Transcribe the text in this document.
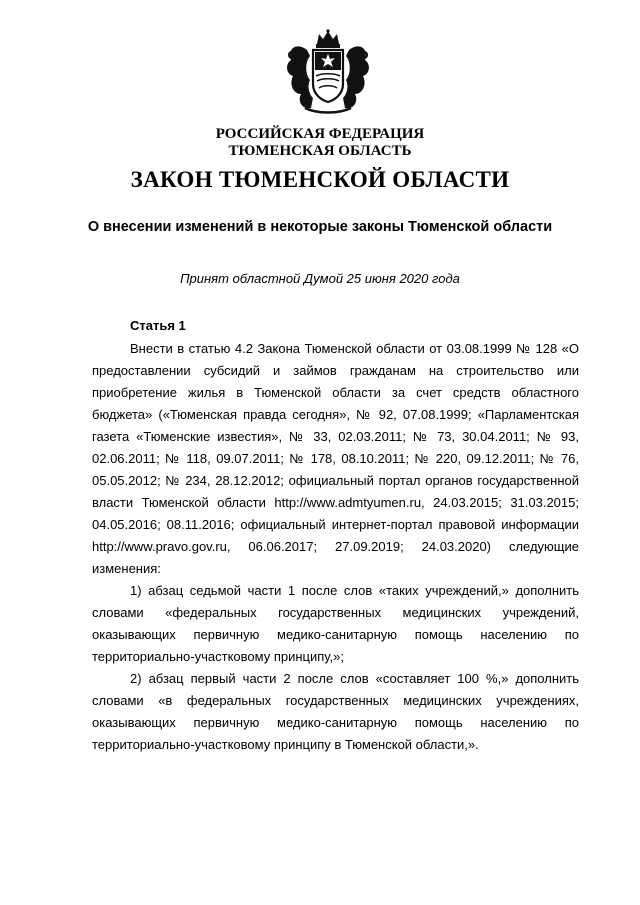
РОССИЙСКАЯ ФЕДЕРАЦИЯ
ТЮМЕНСКАЯ ОБЛАСТЬ
ЗАКОН ТЮМЕНСКОЙ ОБЛАСТИ
О внесении изменений в некоторые законы Тюменской области
Принят областной Думой 25 июня 2020 года
Статья 1

Внести в статью 4.2 Закона Тюменской области от 03.08.1999 № 128 «О предоставлении субсидий и займов гражданам на строительство или приобретение жилья в Тюменской области за счет средств областного бюджета» («Тюменская правда сегодня», № 92, 07.08.1999; «Парламентская газета «Тюменские известия», № 33, 02.03.2011; № 73, 30.04.2011; № 93, 02.06.2011; № 118, 09.07.2011; № 178, 08.10.2011; № 220, 09.12.2011; № 76, 05.05.2012; № 234, 28.12.2012; официальный портал органов государственной власти Тюменской области http://www.admtyumen.ru, 24.03.2015; 31.03.2015; 04.05.2016; 08.11.2016; официальный интернет-портал правовой информации http://www.pravo.gov.ru, 06.06.2017; 27.09.2019; 24.03.2020) следующие изменения:

1) абзац седьмой части 1 после слов «таких учреждений,» дополнить словами «федеральных государственных медицинских учреждений, оказывающих первичную медико-санитарную помощь населению по территориально-участковому принципу,»;

2) абзац первый части 2 после слов «составляет 100 %,» дополнить словами «в федеральных государственных медицинских учреждениях, оказывающих первичную медико-санитарную помощь населению по территориально-участковому принципу в Тюменской области,».
